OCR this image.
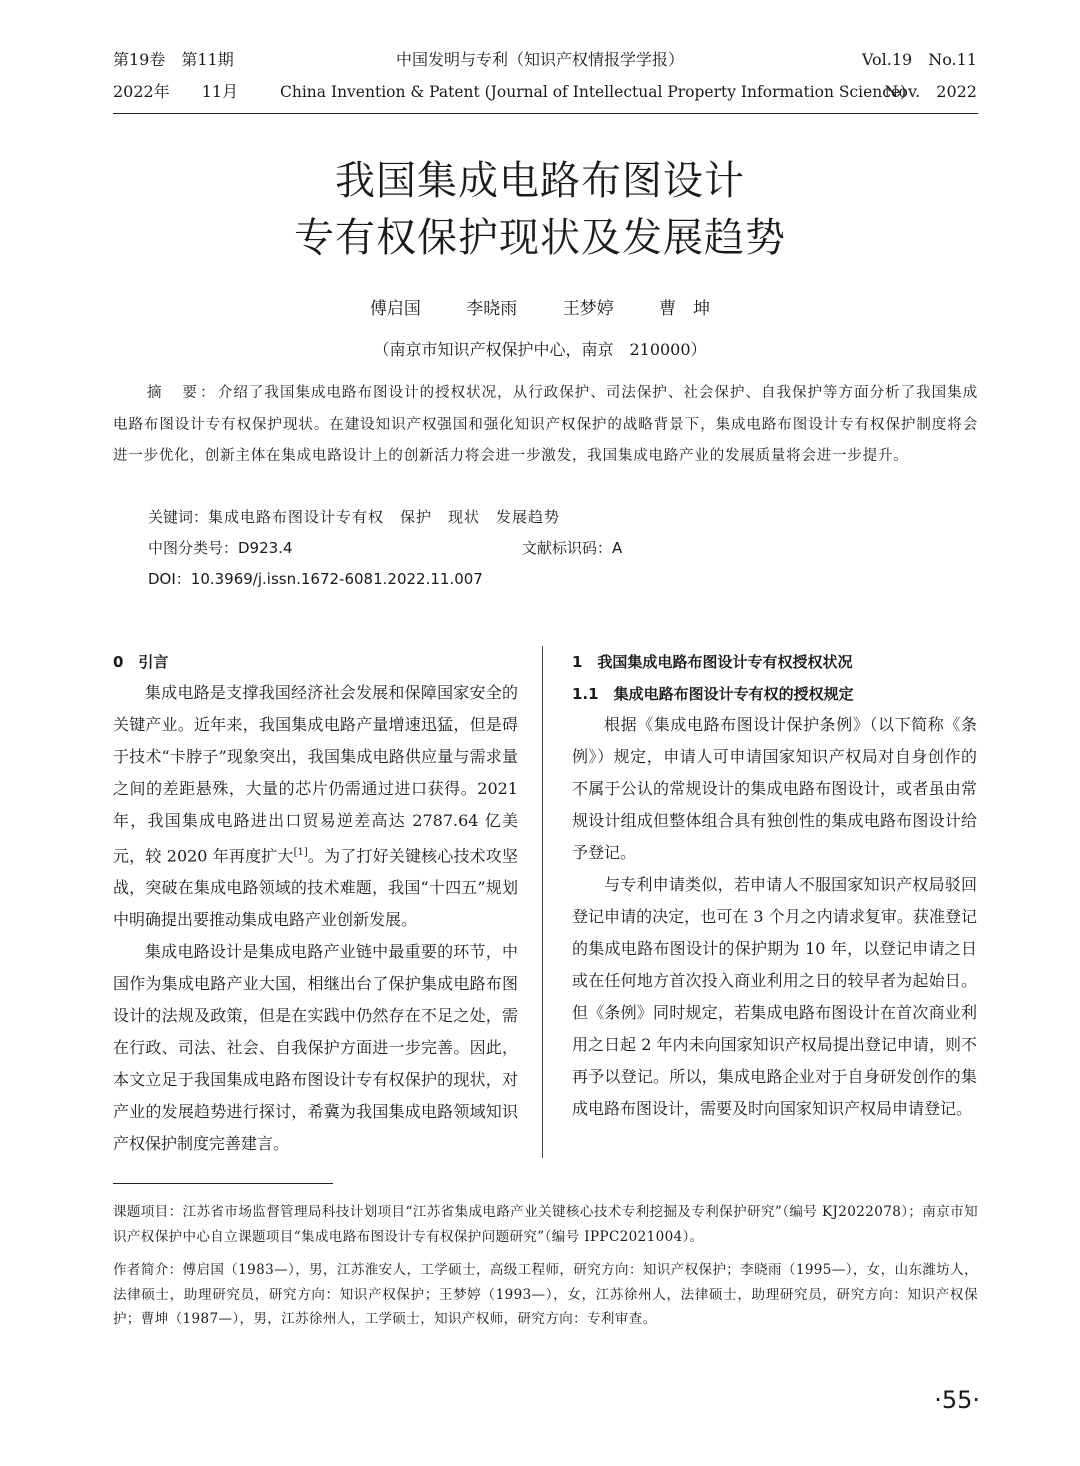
第19卷　第11期
2022年　　11月
中国发明与专利（知识产权情报学学报）
China Invention & Patent (Journal of Intellectual Property Information Science)
Vol.19　No.11
Nov.　2022
我国集成电路布图设计
专有权保护现状及发展趋势
傅启国	李晓雨	王梦婷	曹　坤
（南京市知识产权保护中心，南京　210000）
摘　要：介绍了我国集成电路布图设计的授权状况，从行政保护、司法保护、社会保护、自我保护等方面分析了我国集成电路布图设计专有权保护现状。在建设知识产权强国和强化知识产权保护的战略背景下，集成电路布图设计专有权保护制度将会进一步优化，创新主体在集成电路设计上的创新活力将会进一步激发，我国集成电路产业的发展质量将会进一步提升。
关键词：集成电路布图设计专有权　保护　现状　发展趋势
中图分类号：D923.4	文献标识码：A
DOI：10.3969/j.issn.1672-6081.2022.11.007
0　引言

集成电路是支撑我国经济社会发展和保障国家安全的关键产业。近年来，我国集成电路产量增速迅猛，但是碍于技术“卡脖子”现象突出，我国集成电路供应量与需求量之间的差距悬殊，大量的芯片仍需通过进口获得。2021 年，我国集成电路进出口贸易逆差高达 2787.64 亿美元，较 2020 年再度扩大[1]。为了打好关键核心技术攻坚战，突破在集成电路领域的技术难题，我国“十四五”规划中明确提出要推动集成电路产业创新发展。

集成电路设计是集成电路产业链中最重要的环节，中国作为集成电路产业大国，相继出台了保护集成电路布图设计的法规及政策，但是在实践中仍然存在不足之处，需在行政、司法、社会、自我保护方面进一步完善。因此，本文立足于我国集成电路布图设计专有权保护的现状，对产业的发展趋势进行探讨，希冀为我国集成电路领域知识产权保护制度完善建言。

1　我国集成电路布图设计专有权授权状况
1.1　集成电路布图设计专有权的授权规定

根据《集成电路布图设计保护条例》（以下简称《条例》）规定，申请人可申请国家知识产权局对自身创作的不属于公认的常规设计的集成电路布图设计，或者虽由常规设计组成但整体组合具有独创性的集成电路布图设计给予登记。

与专利申请类似，若申请人不服国家知识产权局驳回登记申请的决定，也可在 3 个月之内请求复审。获准登记的集成电路布图设计的保护期为 10 年，以登记申请之日或在任何地方首次投入商业利用之日的较早者为起始日。但《条例》同时规定，若集成电路布图设计在首次商业利用之日起 2 年内未向国家知识产权局提出登记申请，则不再予以登记。所以，集成电路企业对于自身研发创作的集成电路布图设计，需要及时向国家知识产权局申请登记。

课题项目：江苏省市场监督管理局科技计划项目“江苏省集成电路产业关键核心技术专利挖掘及专利保护研究”（编号 KJ2022078）；南京市知识产权保护中心自立课题项目“集成电路布图设计专有权保护问题研究”（编号 IPPC2021004）。
作者简介：傅启国（1983—），男，江苏淮安人，工学硕士，高级工程师，研究方向：知识产权保护；李晓雨（1995—），女，山东潍坊人，法律硕士，助理研究员，研究方向：知识产权保护；王梦婷（1993—），女，江苏徐州人，法律硕士，助理研究员，研究方向：知识产权保护；曹坤（1987—），男，江苏徐州人，工学硕士，知识产权师，研究方向：专利审查。
·55·
